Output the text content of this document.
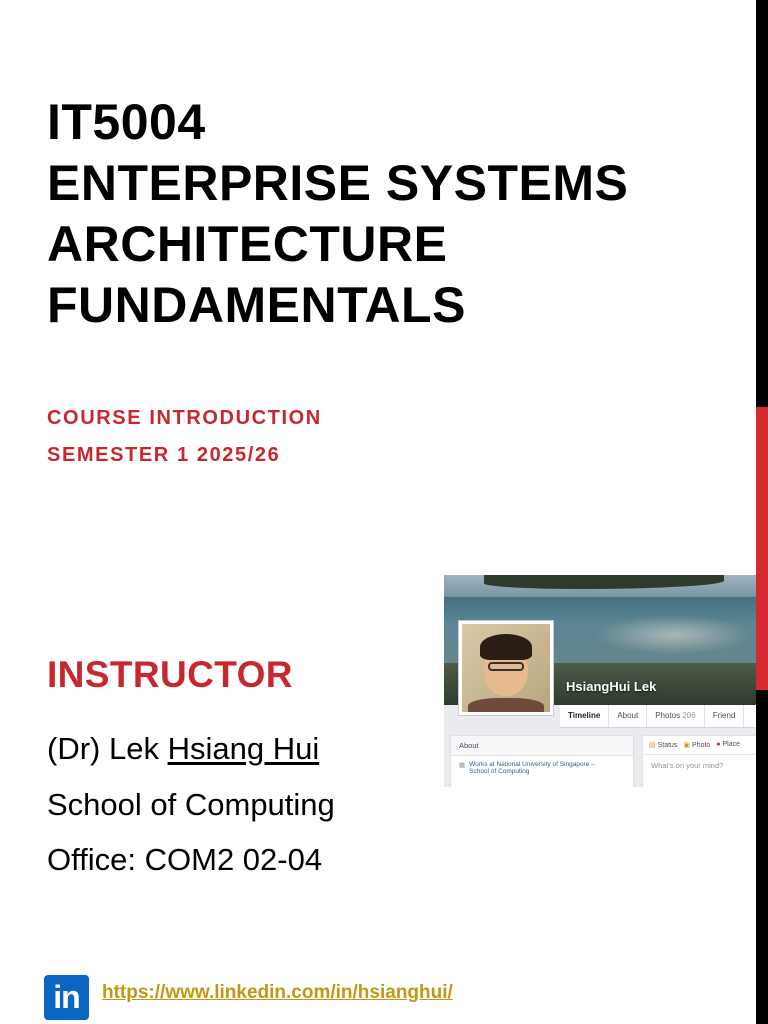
IT5004
ENTERPRISE SYSTEMS
ARCHITECTURE
FUNDAMENTALS
COURSE INTRODUCTION
SEMESTER 1 2025/26
INSTRUCTOR
(Dr) Lek Hsiang Hui
School of Computing
Office: COM2 02-04
HsiangHui Lek
Timeline	About	Photos 206	Friend
About
▦ Works at National University of Singapore –
School of Computing
▤ Status ▣ Photo ● Place
What's on your mind?
in	https://www.linkedin.com/in/hsianghui/
